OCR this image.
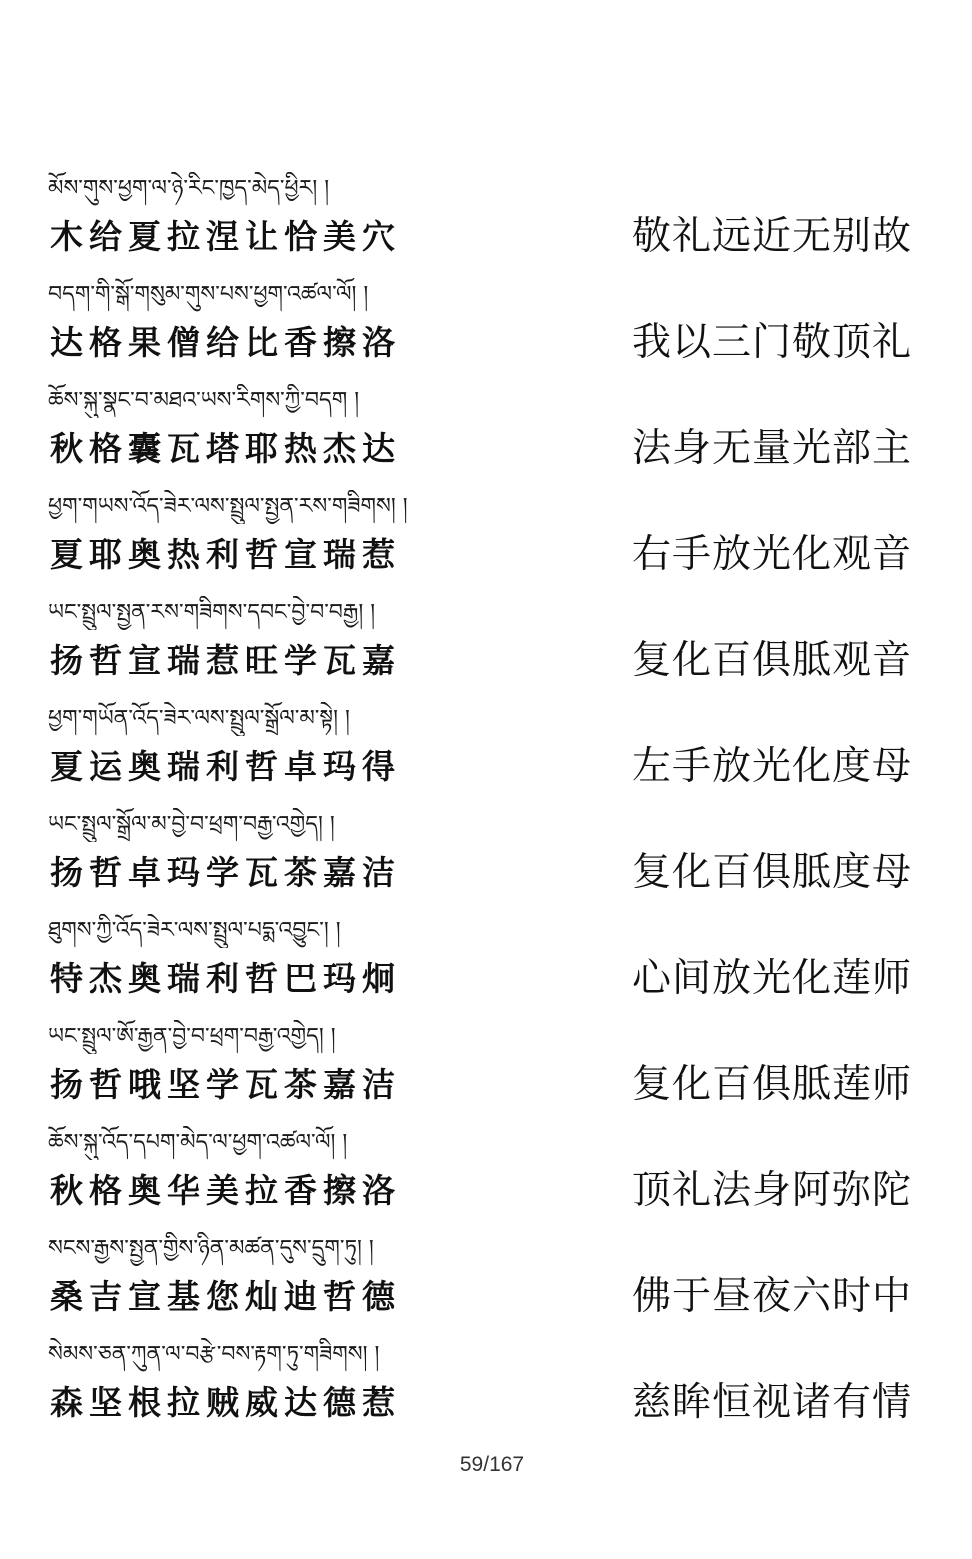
མོས་གུས་ཕྱག་ལ་ཉེ་རིང་ཁྱད་མེད་ཕྱིར། །
木给夏拉涅让恰美穴	敬礼远近无别故
བདག་གི་སྒོ་གསུམ་གུས་པས་ཕྱག་འཚལ་ལོ། །
达格果僧给比香擦洛	我以三门敬顶礼
ཆོས་སྐུ་སྣང་བ་མཐའ་ཡས་རིགས་ཀྱི་བདག །
秋格囊瓦塔耶热杰达	法身无量光部主
ཕྱག་གཡས་འོད་ཟེར་ལས་སྤྲུལ་སྤྱན་རས་གཟིགས། །
夏耶奥热利哲宣瑞惹	右手放光化观音
ཡང་སྤྲུལ་སྤྱན་རས་གཟིགས་དབང་བྱེ་བ་བརྒྱ། །
扬哲宣瑞惹旺学瓦嘉	复化百俱胝观音
ཕྱག་གཡོན་འོད་ཟེར་ལས་སྤྲུལ་སྒྲོལ་མ་སྟེ། །
夏运奥瑞利哲卓玛得	左手放光化度母
ཡང་སྤྲུལ་སྒྲོལ་མ་བྱེ་བ་ཕྲག་བརྒྱ་འགྱེད། །
扬哲卓玛学瓦茶嘉洁	复化百俱胝度母
ཐུགས་ཀྱི་འོད་ཟེར་ལས་སྤྲུལ་པདྨ་འབྱུང་། །
特杰奥瑞利哲巴玛炯	心间放光化莲师
ཡང་སྤྲུལ་ཨོ་རྒྱན་བྱེ་བ་ཕྲག་བརྒྱ་འགྱེད། །
扬哲哦坚学瓦茶嘉洁	复化百俱胝莲师
ཆོས་སྐུ་འོད་དཔག་མེད་ལ་ཕྱག་འཚལ་ལོ། །
秋格奥华美拉香擦洛	顶礼法身阿弥陀
སངས་རྒྱས་སྤྱན་གྱིས་ཉིན་མཚན་དུས་དྲུག་ཏུ། །
桑吉宣基您灿迪哲德	佛于昼夜六时中
སེམས་ཅན་ཀུན་ལ་བརྩེ་བས་རྟག་ཏུ་གཟིགས། །
森坚根拉贼威达德惹	慈眸恒视诸有情
59/167
